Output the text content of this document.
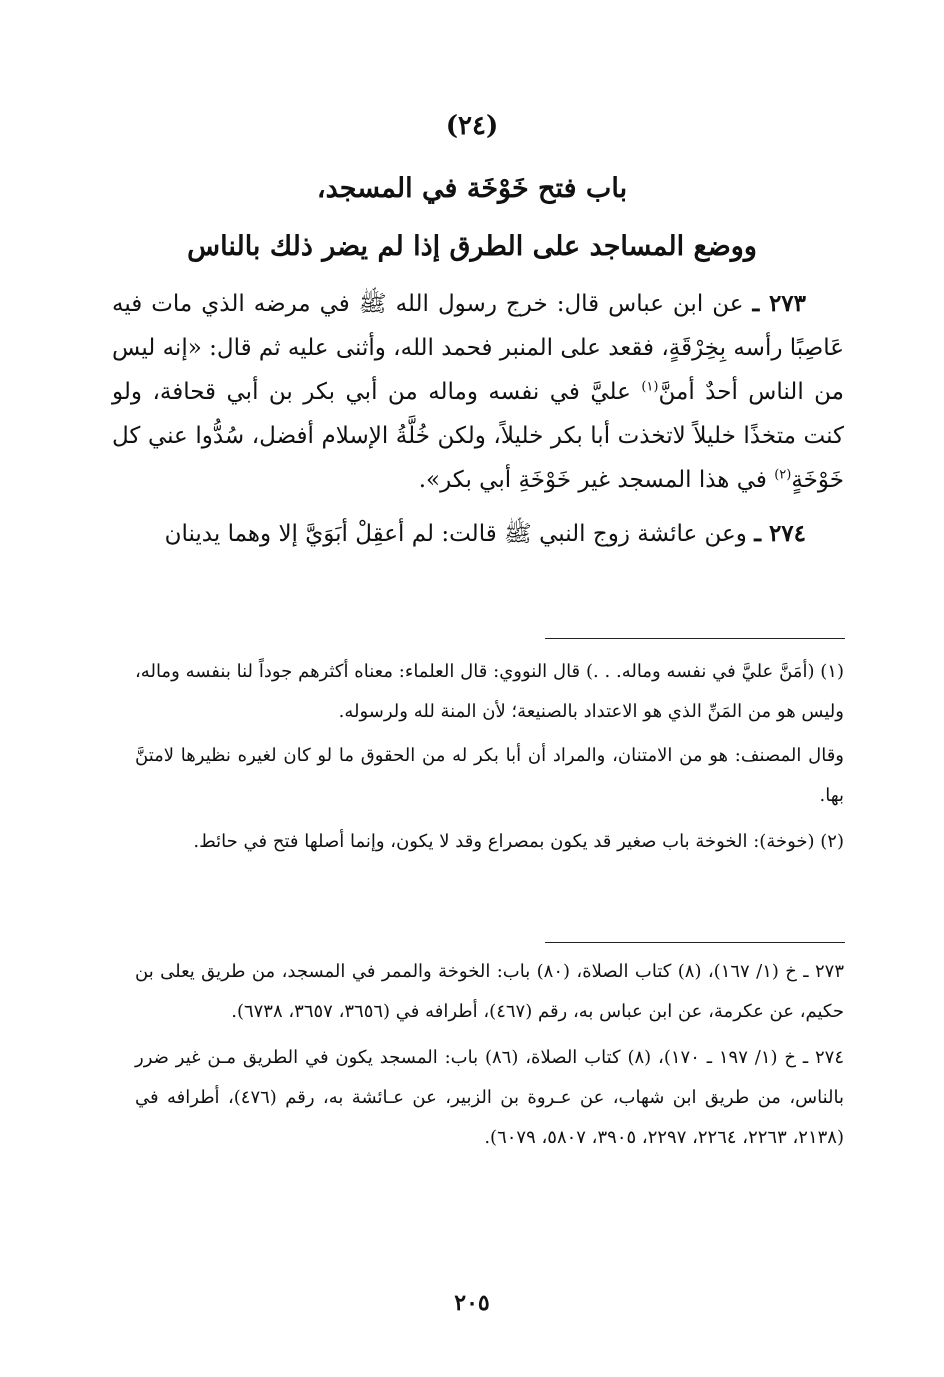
(٢٤)
باب فتح خَوْخَة في المسجد،
ووضع المساجد على الطرق إذا لم يضر ذلك بالناس

٢٧٣ ـ عن ابن عباس قال: خرج رسول الله ﷺ في مرضه الذي مات فيه عَاصِبًا رأسه بِخِرْقَةٍ، فقعد على المنبر فحمد الله، وأثنى عليه ثم قال: «إنه ليس من الناس أحدٌ أمنَّ$^{(١)}$ عليَّ في نفسه وماله من أبي بكر بن أبي قحافة، ولو كنت متخذًا خليلاً لاتخذت أبا بكر خليلاً، ولكن خُلَّةُ الإسلام أفضل، سُدُّوا عني كل خَوْخَةٍ$^{(٢)}$ في هذا المسجد غير خَوْخَةِ أبي بكر».

٢٧٤ ـ وعن عائشة زوج النبي ﷺ قالت: لم أعقِلْ أبَوَيَّ إلا وهما يدينان

(١) (أمَنَّ عليَّ في نفسه وماله. . .) قال النووي: قال العلماء: معناه أكثرهم جوداً لنا بنفسه وماله، وليس هو من المَنِّ الذي هو الاعتداد بالصنيعة؛ لأن المنة لله ولرسوله.

وقال المصنف: هو من الامتنان، والمراد أن أبا بكر له من الحقوق ما لو كان لغيره نظيرها لامتنَّ بها.

(٢) (خوخة): الخوخة باب صغير قد يكون بمصراع وقد لا يكون، وإنما أصلها فتح في حائط.

٢٧٣ ـ خ (١/ ١٦٧)، (٨) كتاب الصلاة، (٨٠) باب: الخوخة والممر في المسجد، من طريق يعلى بن حكيم، عن عكرمة، عن ابن عباس به، رقم (٤٦٧)، أطرافه في (٣٦٥٦، ٣٦٥٧، ٦٧٣٨).

٢٧٤ ـ خ (١/ ١٩٧ ـ ١٧٠)، (٨) كتاب الصلاة، (٨٦) باب: المسجد يكون في الطريق مـن غير ضرر بالناس، من طريق ابن شهاب، عن عـروة بن الزبير، عن عـائشة به، رقم (٤٧٦)، أطرافه في (٢١٣٨، ٢٢٦٣، ٢٢٦٤، ٢٢٩٧، ٣٩٠٥، ٥٨٠٧، ٦٠٧٩).

٢٠٥
